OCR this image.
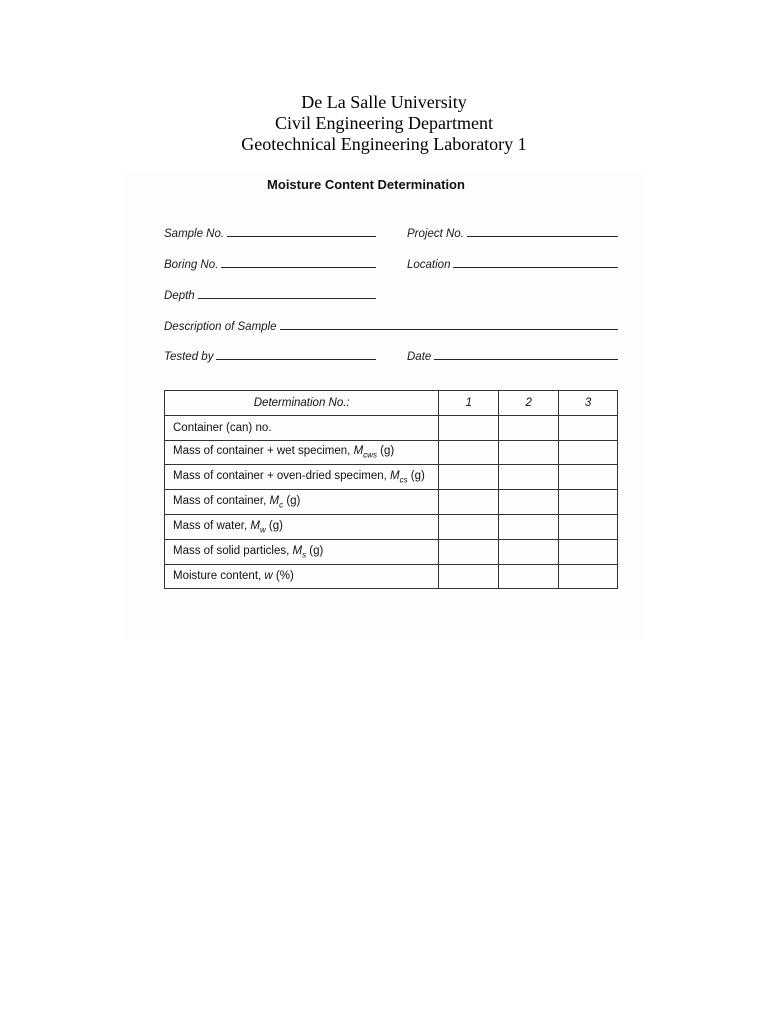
De La Salle University
Civil Engineering Department
Geotechnical Engineering Laboratory 1
Moisture Content Determination
Sample No.	Project No.
Boring No.	Location
Depth
Description of Sample
Tested by	Date
Determination No.:	1	2	3
Container (can) no.			
Mass of container + wet specimen, $M_{cws}$ (g)			
Mass of container + oven-dried specimen, $M_{cs}$ (g)			
Mass of container, $M_c$ (g)			
Mass of water, $M_w$ (g)			
Mass of solid particles, $M_s$ (g)			
Moisture content, w (%)			
